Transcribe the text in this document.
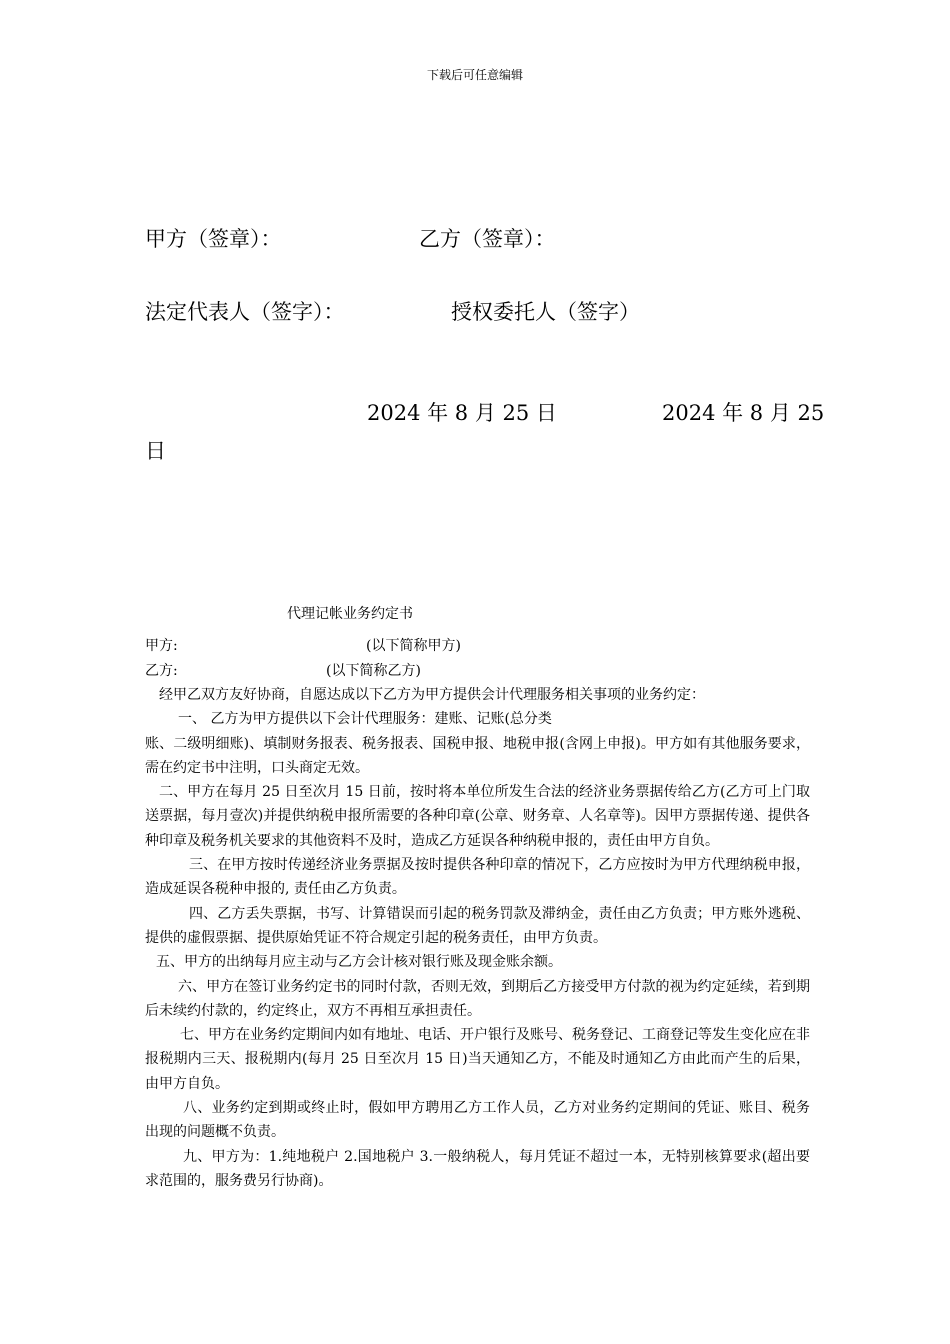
下载后可任意编辑
甲方（签章）：	乙方（签章）：
法定代表人（签字）：	授权委托人（签字）
2024 年 8 月 25 日	2024 年 8 月 25
日
代理记帐业务约定书
甲方:	(以下简称甲方)
乙方:	(以下简称乙方)

经甲乙双方友好协商，自愿达成以下乙方为甲方提供会计代理服务相关事项的业务约定：

一、 乙方为甲方提供以下会计代理服务：建账、记账(总分类

账、二级明细账)、填制财务报表、税务报表、国税申报、地税申报(含网上申报)。甲方如有其他服务要求，需在约定书中注明，口头商定无效。

二、甲方在每月 25 日至次月 15 日前，按时将本单位所发生合法的经济业务票据传给乙方(乙方可上门取送票据，每月壹次)并提供纳税申报所需要的各种印章(公章、财务章、人名章等)。因甲方票据传递、提供各种印章及税务机关要求的其他资料不及时，造成乙方延误各种纳税申报的，责任由甲方自负。

三、在甲方按时传递经济业务票据及按时提供各种印章的情况下，乙方应按时为甲方代理纳税申报，造成延误各税种申报的, 责任由乙方负责。

四、乙方丢失票据，书写、计算错误而引起的税务罚款及滞纳金，责任由乙方负责；甲方账外逃税、提供的虚假票据、提供原始凭证不符合规定引起的税务责任，由甲方负责。

五、甲方的出纳每月应主动与乙方会计核对银行账及现金账余额。

六、甲方在签订业务约定书的同时付款，否则无效，到期后乙方接受甲方付款的视为约定延续，若到期后未续约付款的，约定终止，双方不再相互承担责任。

七、甲方在业务约定期间内如有地址、电话、开户银行及账号、税务登记、工商登记等发生变化应在非报税期内三天、报税期内(每月 25 日至次月 15 日)当天通知乙方，不能及时通知乙方由此而产生的后果，由甲方自负。

八、业务约定到期或终止时，假如甲方聘用乙方工作人员，乙方对业务约定期间的凭证、账目、税务出现的问题概不负责。

九、甲方为：1.纯地税户 2.国地税户 3.一般纳税人，每月凭证不超过一本，无特别核算要求(超出要求范围的，服务费另行协商)。
